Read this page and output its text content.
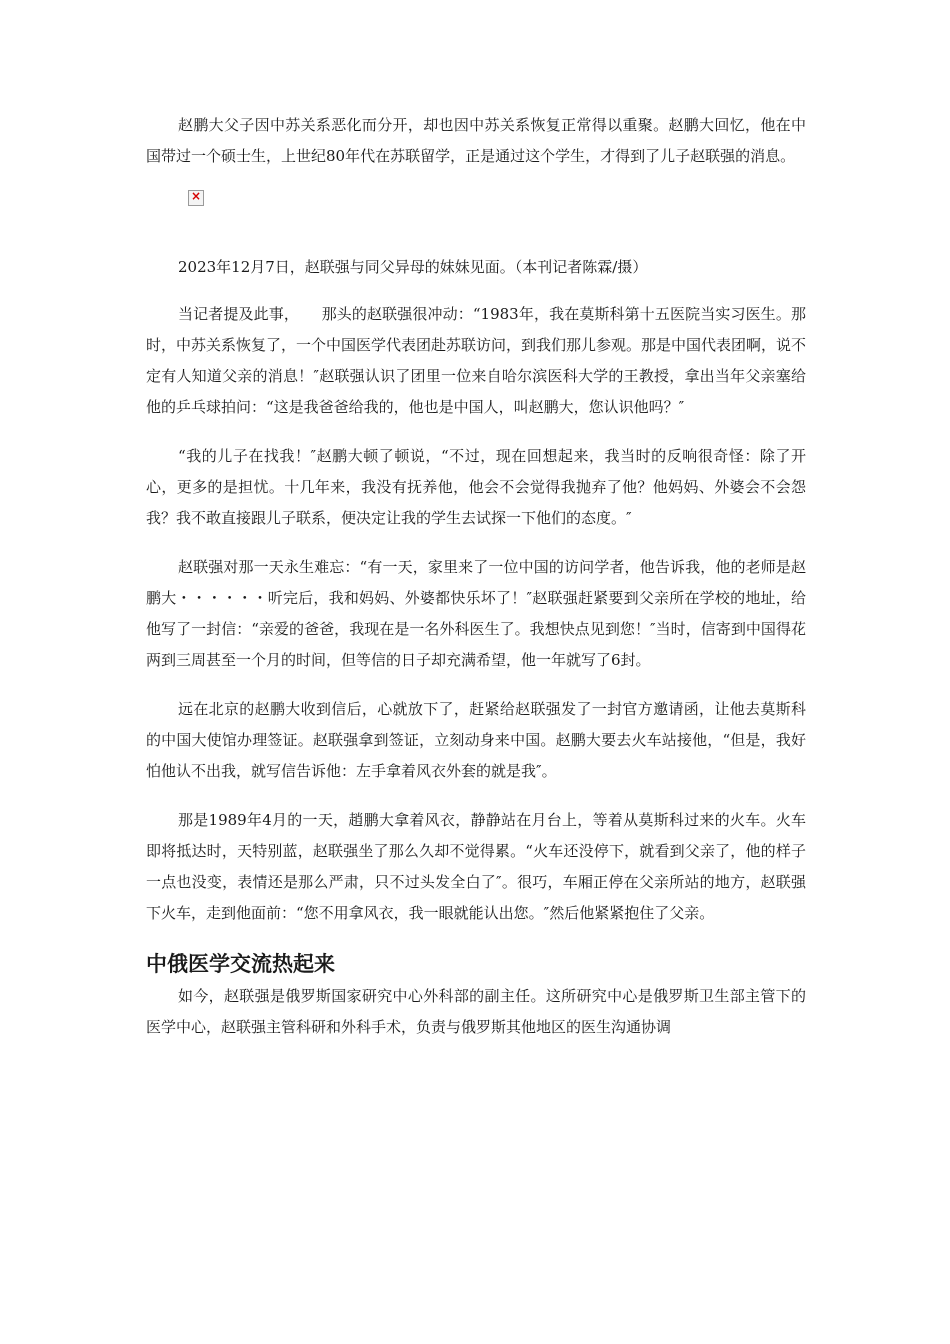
赵鹏大父子因中苏关系恶化而分开，却也因中苏关系恢复正常得以重聚。赵鹏大回忆，他在中国带过一个硕士生，上世纪80年代在苏联留学，正是通过这个学生，才得到了儿子赵联强的消息。

×

2023年12月7日，赵联强与同父异母的妹妹见面。（本刊记者陈霖/摄）

当记者提及此事，　　那头的赵联强很冲动：“1983年，我在莫斯科第十五医院当实习医生。那时，中苏关系恢复了，一个中国医学代表团赴苏联访问，到我们那儿参观。那是中国代表团啊，说不定有人知道父亲的消息！″赵联强认识了团里一位来自哈尔滨医科大学的王教授，拿出当年父亲塞给他的乒乓球拍问：“这是我爸爸给我的，他也是中国人，叫赵鹏大，您认识他吗？″

“我的儿子在找我！″赵鹏大顿了顿说，“不过，现在回想起来，我当时的反响很奇怪：除了开心，更多的是担忧。十几年来，我没有抚养他，他会不会觉得我抛弃了他？他妈妈、外婆会不会怨我？我不敢直接跟儿子联系，便决定让我的学生去试探一下他们的态度。″

赵联强对那一天永生难忘：“有一天，家里来了一位中国的访问学者，他告诉我，他的老师是赵鹏大・・・・・・听完后，我和妈妈、外婆都快乐坏了！″赵联强赶紧要到父亲所在学校的地址，给他写了一封信：“亲爱的爸爸，我现在是一名外科医生了。我想快点见到您！″当时，信寄到中国得花两到三周甚至一个月的时间，但等信的日子却充满希望，他一年就写了6封。

远在北京的赵鹏大收到信后，心就放下了，赶紧给赵联强发了一封官方邀请函，让他去莫斯科的中国大使馆办理签证。赵联强拿到签证，立刻动身来中国。赵鹏大要去火车站接他，“但是，我好怕他认不出我，就写信告诉他：左手拿着风衣外套的就是我″。

那是1989年4月的一天，趙鹏大拿着风衣，静静站在月台上，等着从莫斯科过来的火车。火车即将抵达时，天特别蓝，赵联强坐了那么久却不觉得累。“火车还没停下，就看到父亲了，他的样子一点也没变，表情还是那么严肃，只不过头发全白了″。很巧，车厢正停在父亲所站的地方，赵联强下火车，走到他面前：“您不用拿风衣，我一眼就能认出您。″然后他紧紧抱住了父亲。

中俄医学交流热起来

如今，赵联强是俄罗斯国家研究中心外科部的副主任。这所研究中心是俄罗斯卫生部主管下的医学中心，赵联强主管科研和外科手术，负责与俄罗斯其他地区的医生沟通协调
